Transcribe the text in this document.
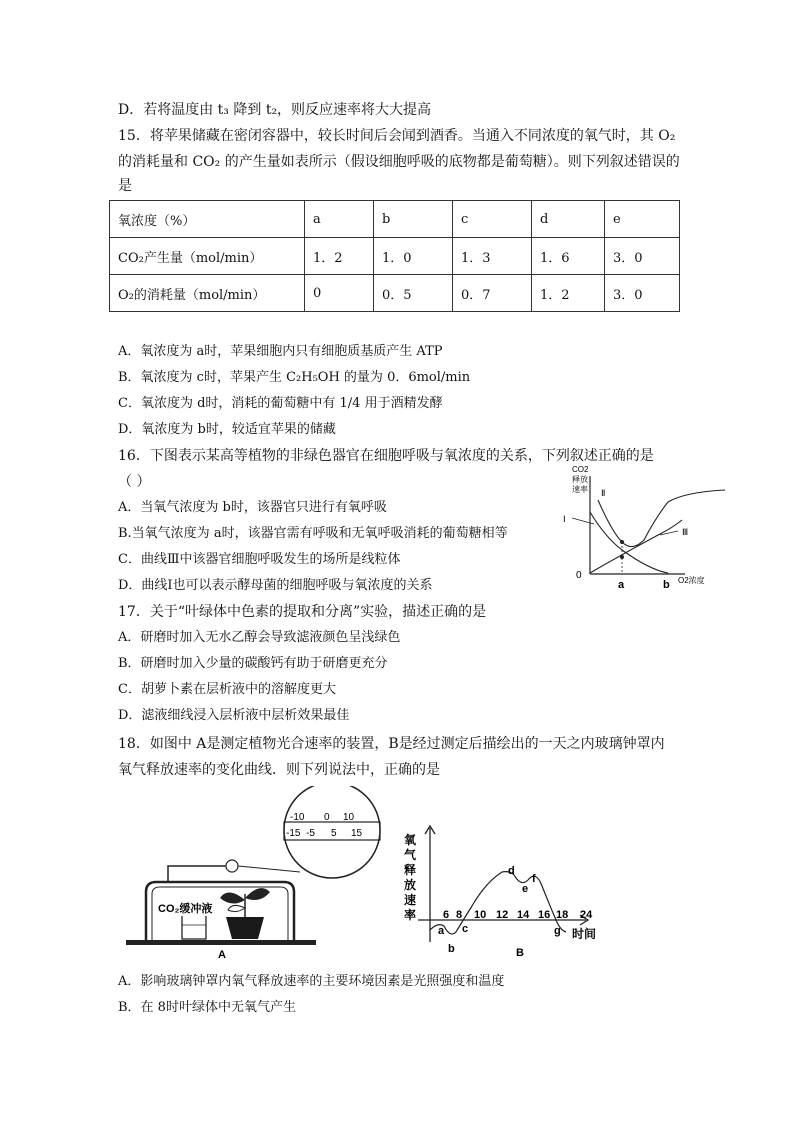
D．若将温度由 t₃ 降到 t₂，则反应速率将大大提高
15．将苹果储藏在密闭容器中，较长时间后会闻到酒香。当通入不同浓度的氧气时，其 O₂
的消耗量和 CO₂ 的产生量如表所示（假设细胞呼吸的底物都是葡萄糖）。则下列叙述错误的
是
氧浓度（%）	a	b	c	d	e
CO₂产生量（mol/min）	1．2	1．0	1．3	1．6	3．0
O₂的消耗量（mol/min）	0	0．5	0．7	1．2	3．0
A．氧浓度为 a时，苹果细胞内只有细胞质基质产生 ATP
B．氧浓度为 c时，苹果产生 C₂H₅OH 的量为 0．6mol/min
C．氧浓度为 d时，消耗的葡萄糖中有 1/4 用于酒精发酵
D．氧浓度为 b时，较适宜苹果的储藏
16．下图表示某高等植物的非绿色器官在细胞呼吸与氧浓度的关系，下列叙述正确的是
（ ）
A．当氧气浓度为 b时，该器官只进行有氧呼吸
B.当氧气浓度为 a时，该器官需有呼吸和无氧呼吸消耗的葡萄糖相等
C．曲线Ⅲ中该器官细胞呼吸发生的场所是线粒体
D．曲线Ⅰ也可以表示酵母菌的细胞呼吸与氧浓度的关系
CO2
释放
速率 Ⅱ
Ⅰ
Ⅲ
0
a	b O2浓度
17．关于“叶绿体中色素的提取和分离”实验，描述正确的是
A．研磨时加入无水乙醇会导致滤液颜色呈浅绿色
B．研磨时加入少量的碳酸钙有助于研磨更充分
C．胡萝卜素在层析液中的溶解度更大
D．滤液细线浸入层析液中层析效果最佳
18．如图中 A是测定植物光合速率的装置，B是经过测定后描绘出的一天之内玻璃钟罩内
氧气释放速率的变化曲线．则下列说法中，正确的是
-10 0 10
-15 -5 5 15
CO₂缓冲液
A
氧
气
释
放
速
率 6 8 10 12 14 16 18 24
a
b
c
d
e
f
g 时间
B
A．影响玻璃钟罩内氧气释放速率的主要环境因素是光照强度和温度
B．在 8时叶绿体中无氧气产生
